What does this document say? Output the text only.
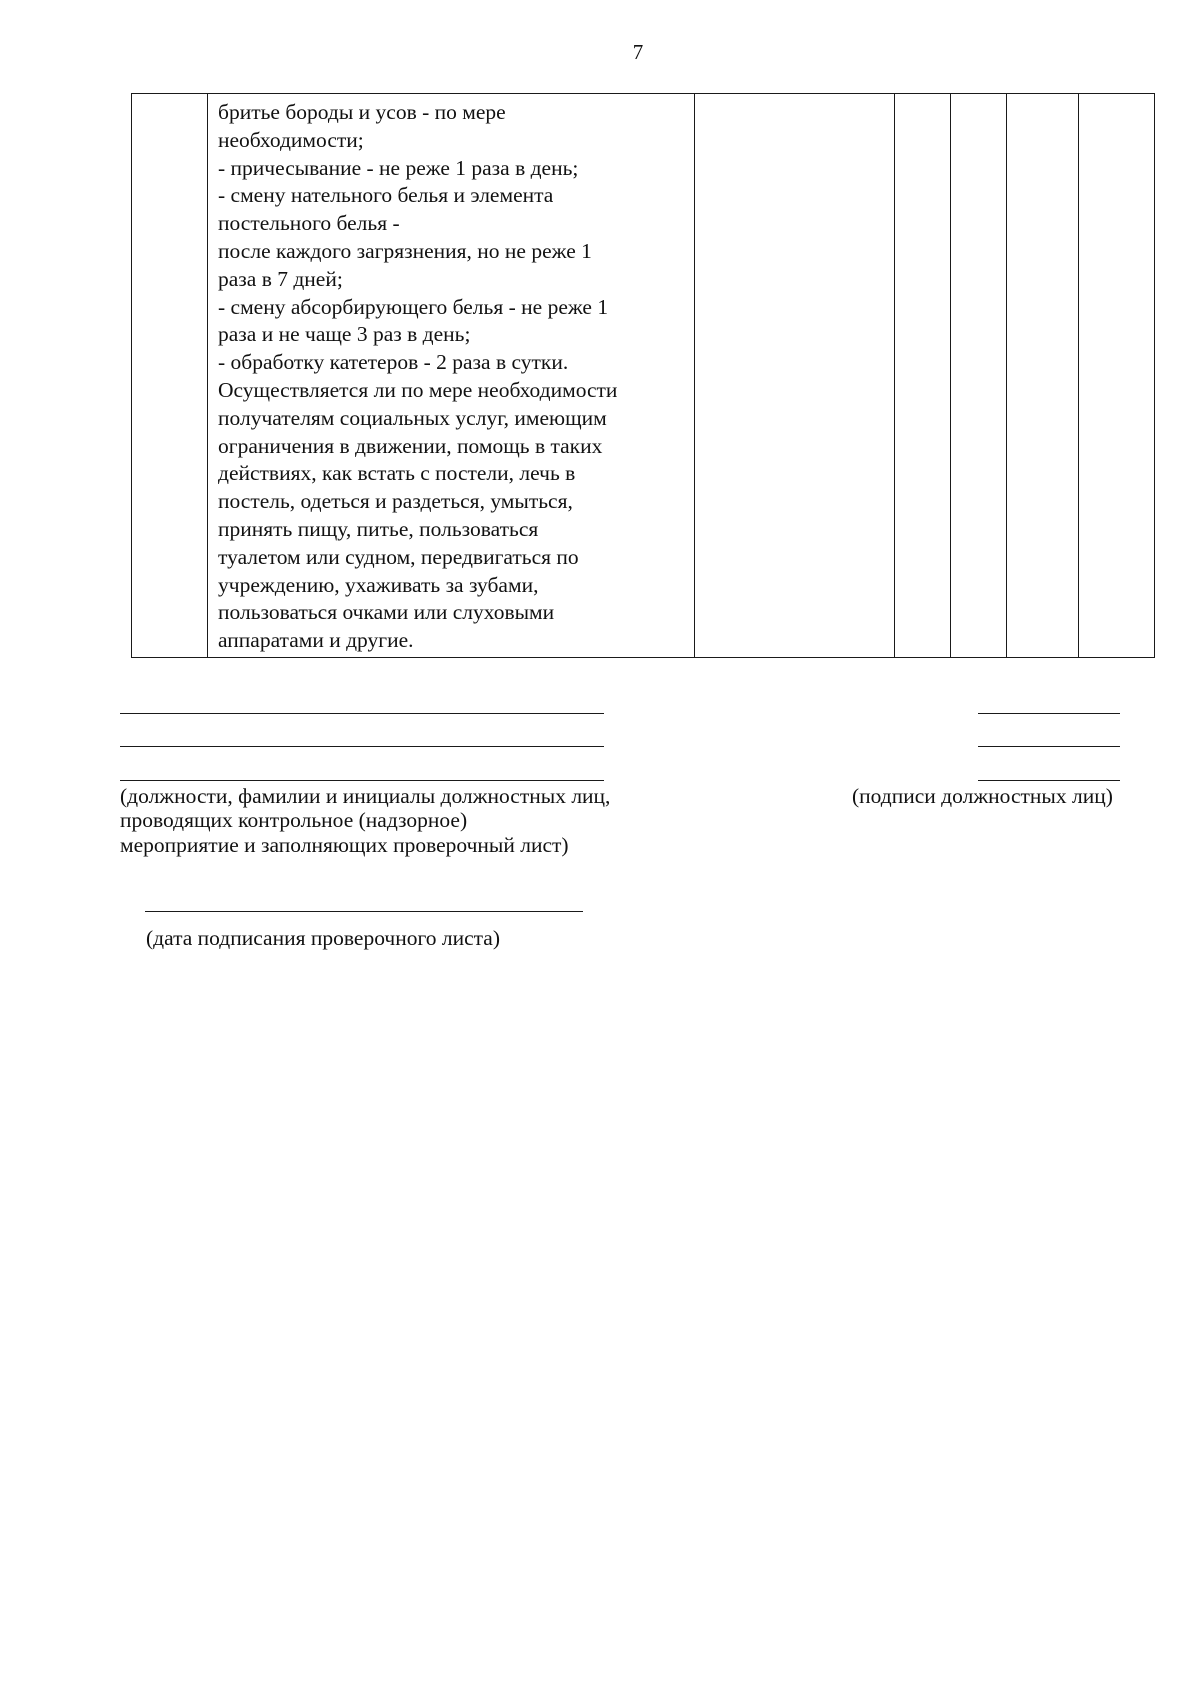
7

бритье бороды и усов - по мере
необходимости;
- причесывание - не реже 1 раза в день;
- смену нательного белья и элемента
постельного белья -
после каждого загрязнения, но не реже 1
раза в 7 дней;
- смену абсорбирующего белья - не реже 1
раза и не чаще 3 раз в день;
- обработку катетеров - 2 раза в сутки.
Осуществляется ли по мере необходимости
получателям социальных услуг, имеющим
ограничения в движении, помощь в таких
действиях, как встать с постели, лечь в
постель, одеться и раздеться, умыться,
принять пищу, питье, пользоваться
туалетом или судном, передвигаться по
учреждению, ухаживать за зубами,
пользоваться очками или слуховыми
аппаратами и другие.

(должности, фамилии и инициалы должностных лиц,
проводящих контрольное (надзорное)
мероприятие и заполняющих проверочный лист)
(подписи должностных лиц)
(дата подписания проверочного листа)
